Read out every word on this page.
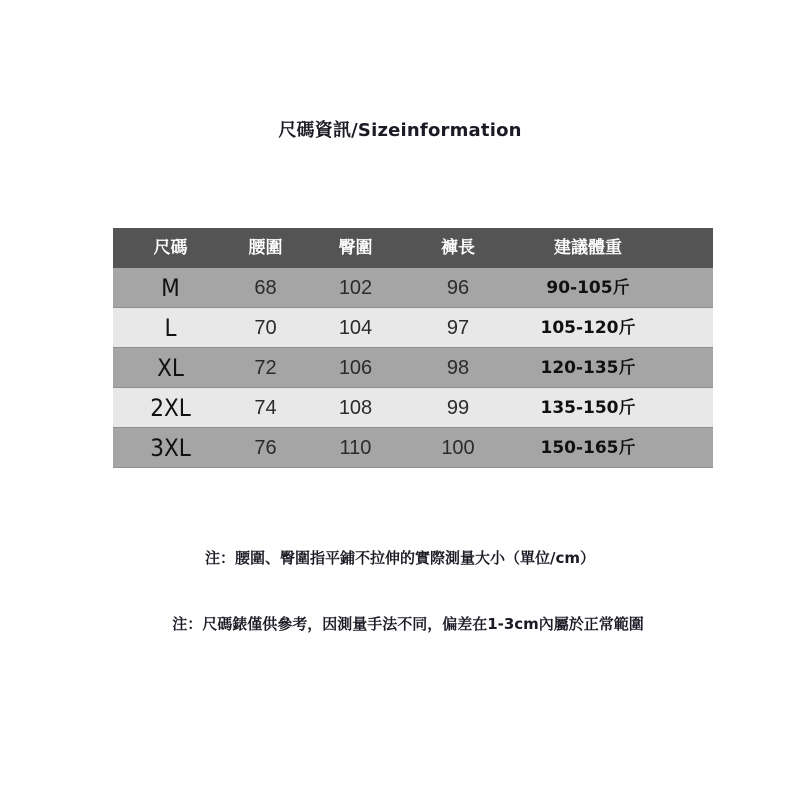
尺碼資訊/Sizeinformation
尺碼	腰圍	臀圍	褲長	建議體重
M	68	102	96	90-105斤
L	70	104	97	105-120斤
XL	72	106	98	120-135斤
2XL	74	108	99	135-150斤
3XL	76	110	100	150-165斤
注：腰圍、臀圍指平鋪不拉伸的實際測量大小（單位/cm）
注：尺碼錶僅供參考，因測量手法不同，偏差在1-3cm內屬於正常範圍
